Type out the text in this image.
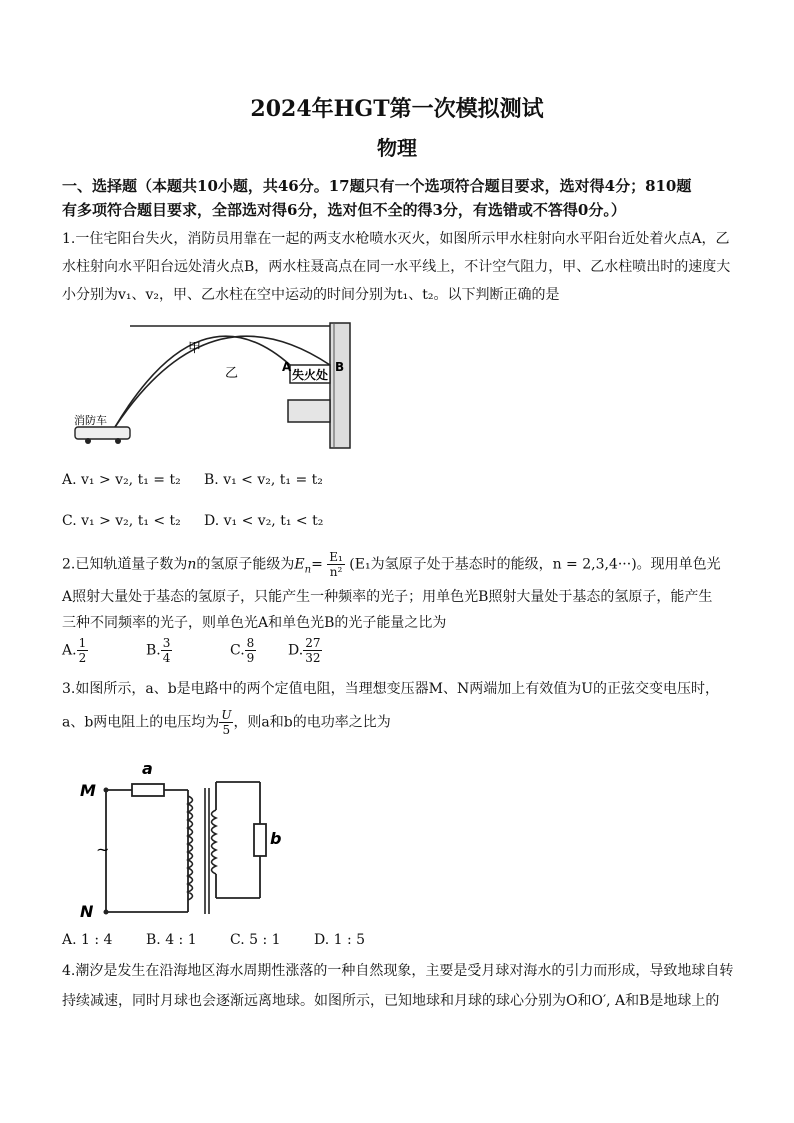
2024年HGT第一次模拟测试
物理
一、选择题（本题共10小题，共46分。17题只有一个选项符合题目要求，选对得4分；810题
有多项符合题目要求，全部选对得6分，选对但不全的得3分，有选错或不答得0分。）
1.一住宅阳台失火，消防员用靠在一起的两支水枪喷水灭火，如图所示甲水柱射向水平阳台近处着火点A，乙
水柱射向水平阳台远处清火点B，两水柱聂高点在同一水平线上，不计空气阻力，甲、乙水柱喷出时的速度大
小分别为v₁、v₂，甲、乙水柱在空中运动的时间分别为t₁、t₂。以下判断正确的是
甲
乙	A	B
失火处
消防车
A. v₁ > v₂, t₁ = t₂ B. v₁ < v₂, t₁ = t₂
C. v₁ > v₂, t₁ < t₂ D. v₁ < v₂, t₁ < t₂
2.已知轨道量子数为n的氢原子能级为$E_n= \frac{\text{E₁}}{\text{n²}} (E_1$为氢原子处于基态时的能级，n = 2,3,4···)。现用单色光
A照射大量处于基态的氢原子，只能产生一种频率的光子；用单色光B照射大量处于基态的氢原子，能产生
三种不同频率的光子，则单色光A和单色光B的光子能量之比为
A. $\frac{1}{2}$	B. $\frac{3}{4}$	C. $\frac{8}{9} D$. $\frac{27}{32}$
3.如图所示，a、b是电路中的两个定值电阻，当理想变压器M、N两端加上有效值为U的正弦交变电压时，
a、b两电阻上的电压均为 $\frac{U}{5}$ ，则a和b的电功率之比为
a
b
M
N
~
A. 1 : 4 B. 4 : 1 C. 5 : 1 D. 1 : 5
4.潮汐是发生在沿海地区海水周期性涨落的一种自然现象，主要是受月球对海水的引力而形成，导致地球自转
持续减速，同时月球也会逐渐远离地球。如图所示，已知地球和月球的球心分别为O和O′, A和B是地球上的
